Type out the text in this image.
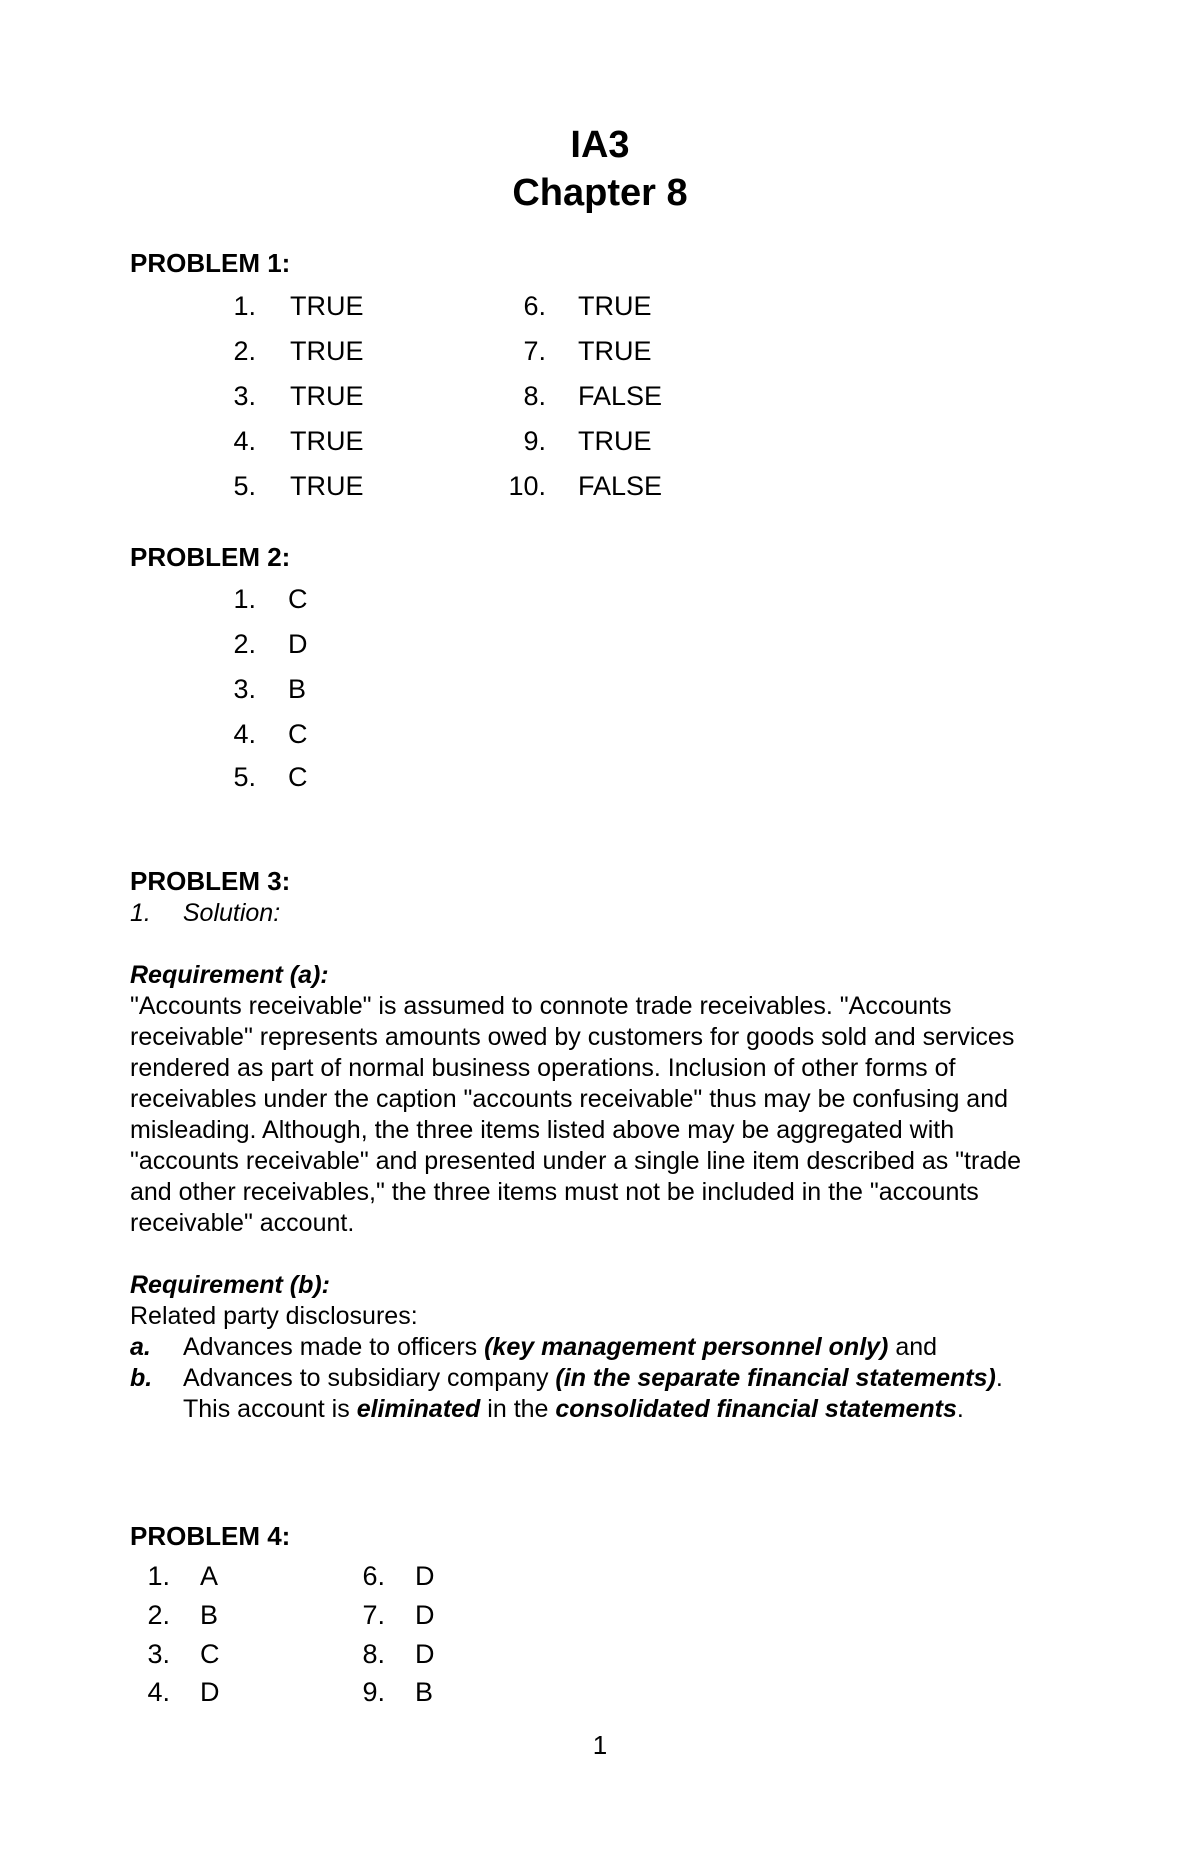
IA3
Chapter 8
PROBLEM 1:
1. TRUE
2. TRUE
3. TRUE
4. TRUE
5. TRUE
6. TRUE
7. TRUE
8. FALSE
9. TRUE
10. FALSE
PROBLEM 2:
1. C
2. D
3. B
4. C
5. C
PROBLEM 3:
1. Solution:
Requirement (a):
"Accounts receivable" is assumed to connote trade receivables. "Accounts receivable" represents amounts owed by customers for goods sold and services rendered as part of normal business operations. Inclusion of other forms of receivables under the caption "accounts receivable" thus may be confusing and misleading. Although, the three items listed above may be aggregated with "accounts receivable" and presented under a single line item described as "trade and other receivables," the three items must not be included in the "accounts receivable" account.
Requirement (b):
Related party disclosures:
a. Advances made to officers (key management personnel only) and
b.	Advances to subsidiary company (in the separate financial statements). This account is eliminated in the consolidated financial statements.
PROBLEM 4:
1. A
2. B
3. C
4. D
6. D
7. D
8. D
9. B
1
